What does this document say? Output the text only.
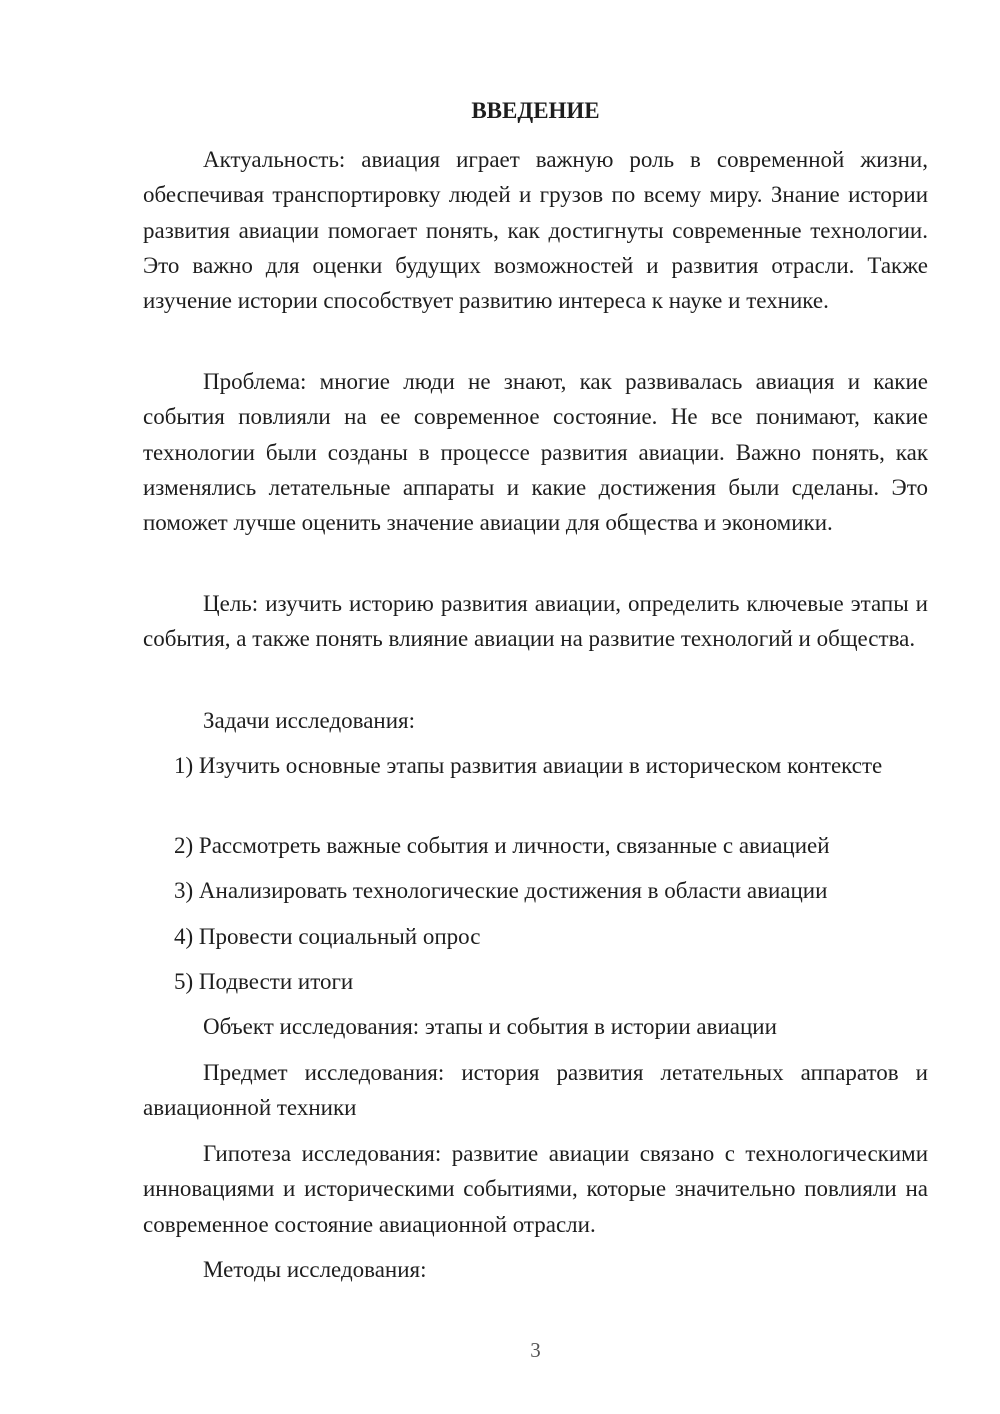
ВВЕДЕНИЕ

Актуальность: авиация играет важную роль в современной жизни, обеспечивая транспортировку людей и грузов по всему миру. Знание истории развития авиации помогает понять, как достигнуты современные технологии. Это важно для оценки будущих возможностей и развития отрасли. Также изучение истории способствует развитию интереса к науке и технике.

Проблема: многие люди не знают, как развивалась авиация и какие события повлияли на ее современное состояние. Не все понимают, какие технологии были созданы в процессе развития авиации. Важно понять, как изменялись летательные аппараты и какие достижения были сделаны. Это поможет лучше оценить значение авиации для общества и экономики.

Цель: изучить историю развития авиации, определить ключевые этапы и события, а также понять влияние авиации на развитие технологий и общества.

Задачи исследования:

1) Изучить основные этапы развития авиации в историческом контексте

2) Рассмотреть важные события и личности, связанные с авиацией

3) Анализировать технологические достижения в области авиации

4) Провести социальный опрос

5) Подвести итоги

Объект исследования: этапы и события в истории авиации

Предмет исследования: история развития летательных аппаратов и авиационной техники

Гипотеза исследования: развитие авиации связано с технологическими инновациями и историческими событиями, которые значительно повлияли на современное состояние авиационной отрасли.

Методы исследования:

3
